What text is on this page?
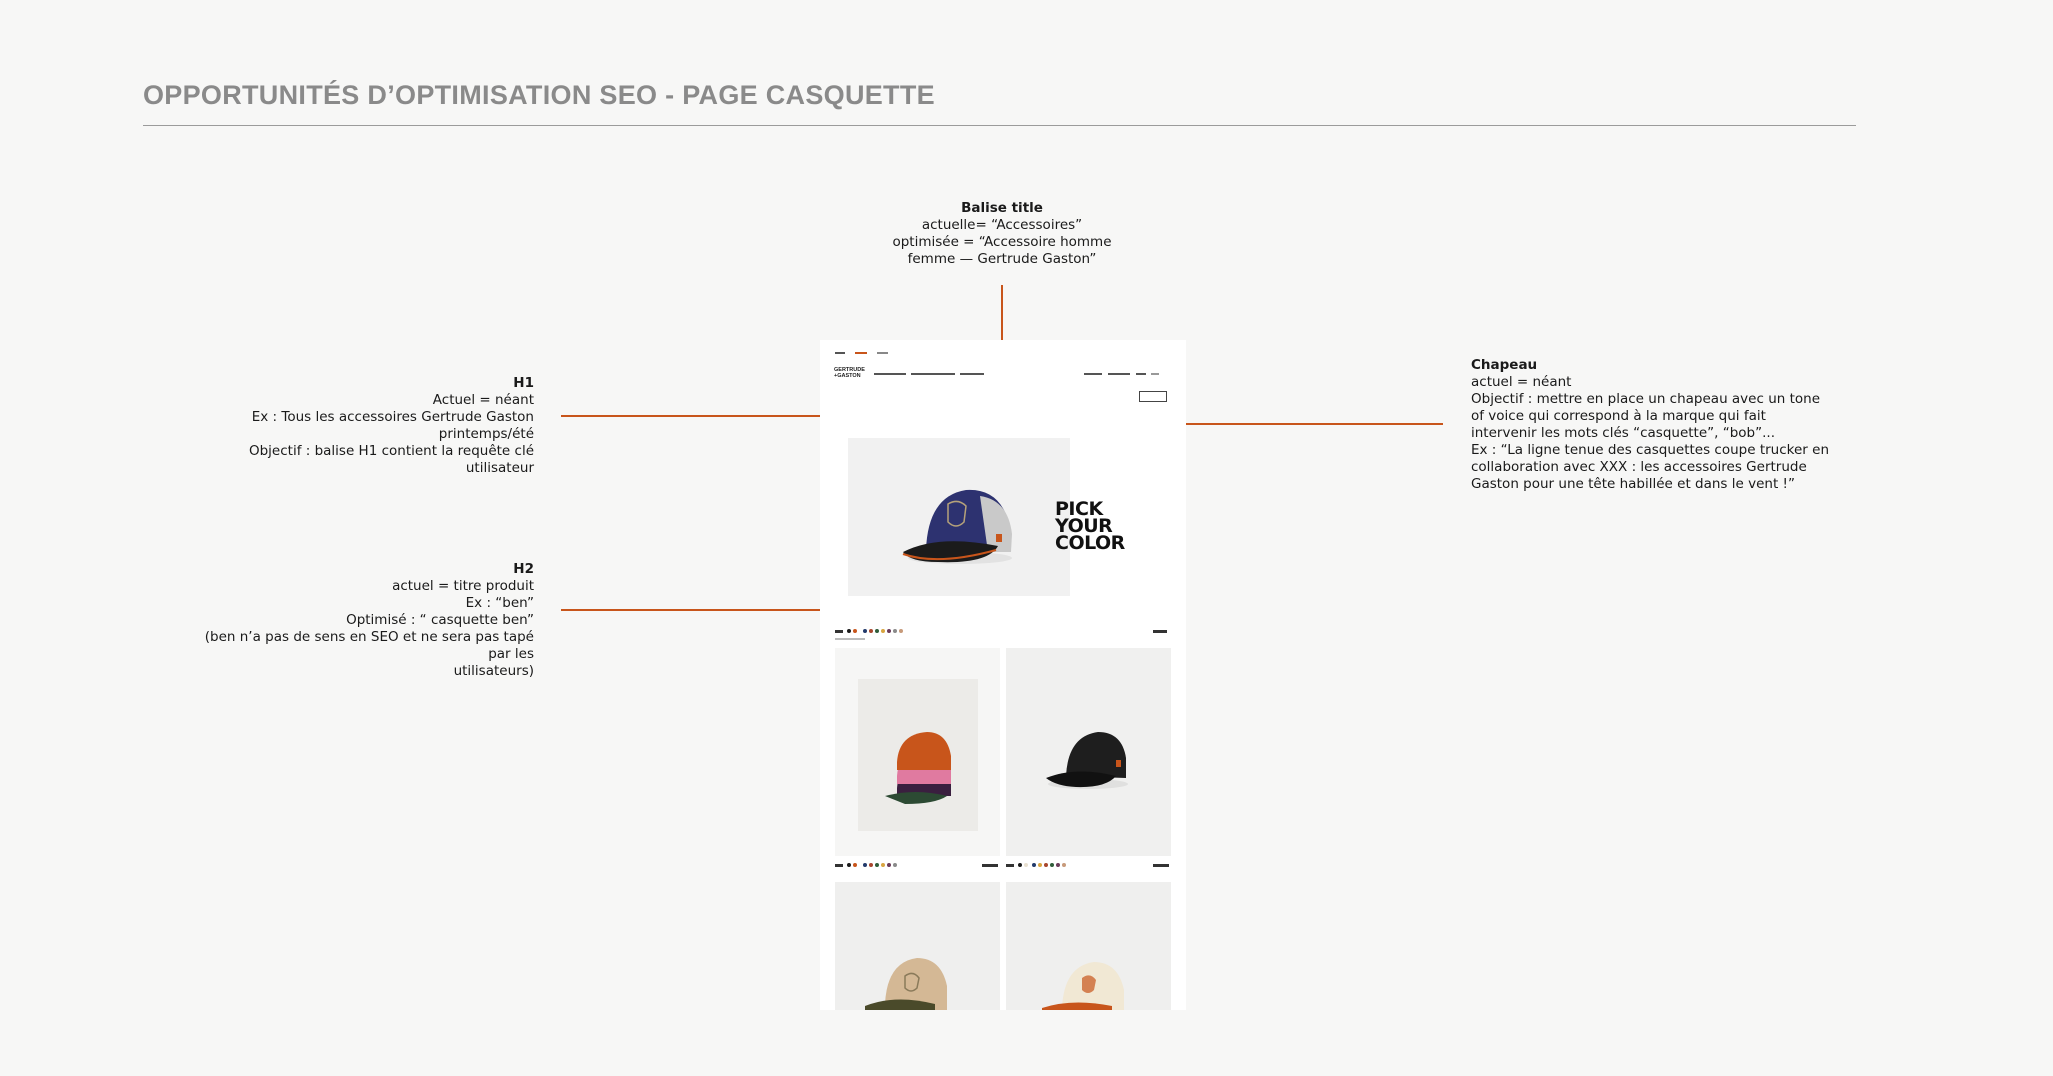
OPPORTUNITÉS D’OPTIMISATION SEO - PAGE CASQUETTE
Balise title
actuelle= “Accessoires”
optimisée = “Accessoire homme
femme — Gertrude Gaston”
H1
Actuel = néant
Ex : Tous les accessoires Gertrude Gaston
printemps/été
Objectif : balise H1 contient la requête clé utilisateur
H2
actuel = titre produit
Ex : “ben”
Optimisé : “ casquette ben”
(ben n’a pas de sens en SEO et ne sera pas tapé par les
utilisateurs)
Chapeau
actuel = néant
Objectif : mettre en place un chapeau avec un tone
of voice qui correspond à la marque qui fait
intervenir les mots clés “casquette”, “bob”...
Ex : “La ligne tenue des casquettes coupe trucker en
collaboration avec XXX : les accessoires Gertrude
Gaston pour une tête habillée et dans le vent !”
GERTRUDE
+GASTON
PICK
YOUR
COLOR
